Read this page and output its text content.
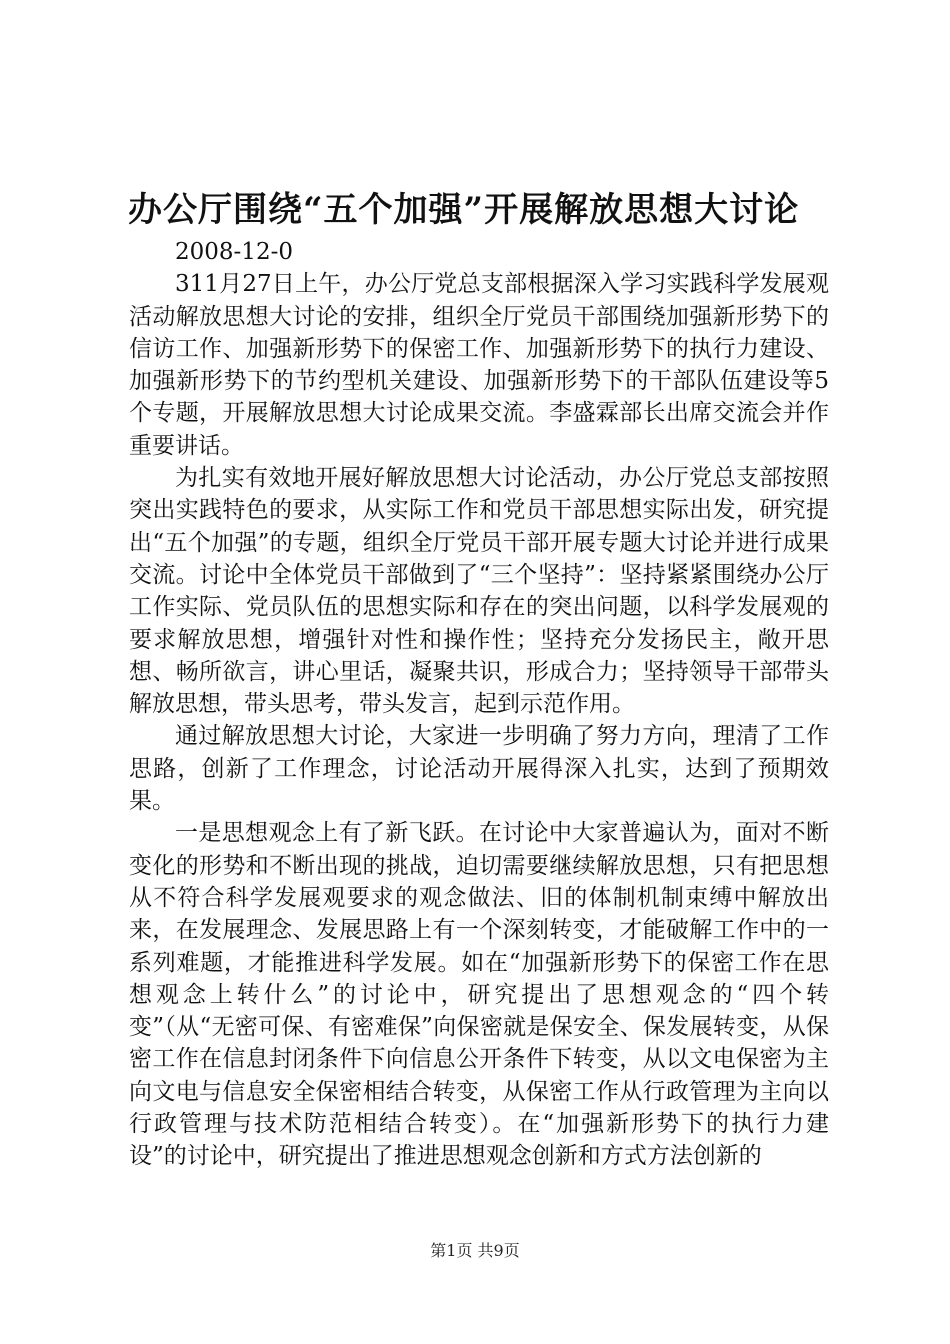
办公厅围绕“五个加强”开展解放思想大讨论

2008-12-0

311月27日上午，办公厅党总支部根据深入学习实践科学发展观活动解放思想大讨论的安排，组织全厅党员干部围绕加强新形势下的信访工作、加强新形势下的保密工作、加强新形势下的执行力建设、加强新形势下的节约型机关建设、加强新形势下的干部队伍建设等5个专题，开展解放思想大讨论成果交流。李盛霖部长出席交流会并作重要讲话。

为扎实有效地开展好解放思想大讨论活动，办公厅党总支部按照突出实践特色的要求，从实际工作和党员干部思想实际出发，研究提出“五个加强”的专题，组织全厅党员干部开展专题大讨论并进行成果交流。讨论中全体党员干部做到了“三个坚持”：坚持紧紧围绕办公厅工作实际、党员队伍的思想实际和存在的突出问题，以科学发展观的要求解放思想，增强针对性和操作性；坚持充分发扬民主，敞开思想、畅所欲言，讲心里话，凝聚共识，形成合力；坚持领导干部带头解放思想，带头思考，带头发言，起到示范作用。

通过解放思想大讨论，大家进一步明确了努力方向，理清了工作思路，创新了工作理念，讨论活动开展得深入扎实，达到了预期效果。

一是思想观念上有了新飞跃。在讨论中大家普遍认为，面对不断变化的形势和不断出现的挑战，迫切需要继续解放思想，只有把思想从不符合科学发展观要求的观念做法、旧的体制机制束缚中解放出来，在发展理念、发展思路上有一个深刻转变，才能破解工作中的一系列难题，才能推进科学发展。如在“加强新形势下的保密工作在思想观念上转什么”的讨论中，研究提出了思想观念的“四个转变”（从“无密可保、有密难保”向保密就是保安全、保发展转变，从保密工作在信息封闭条件下向信息公开条件下转变，从以文电保密为主向文电与信息安全保密相结合转变，从保密工作从行政管理为主向以行政管理与技术防范相结合转变）。在“加强新形势下的执行力建设”的讨论中，研究提出了推进思想观念创新和方式方法创新的

第1页 共9页
